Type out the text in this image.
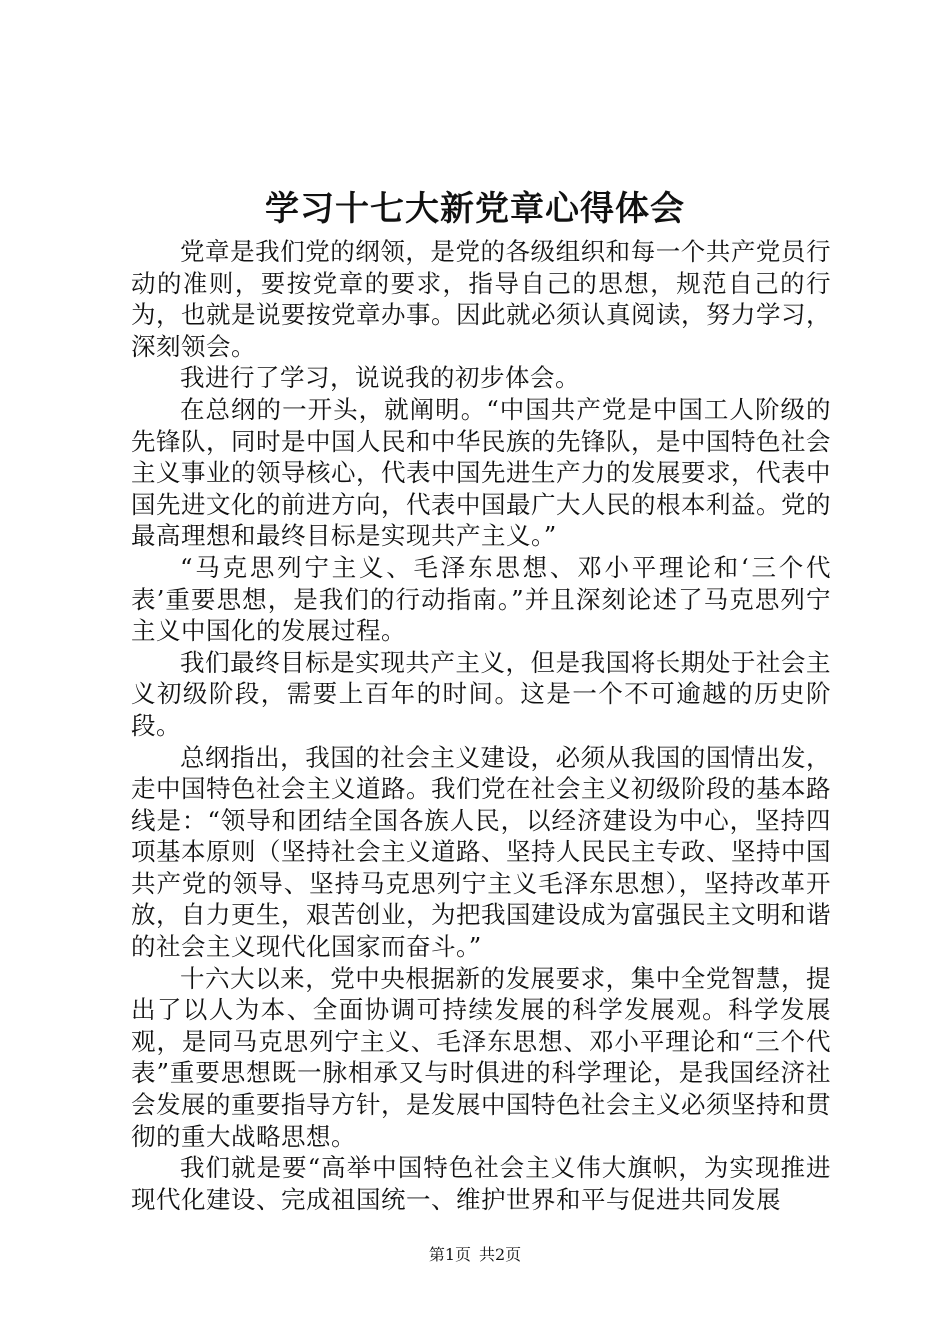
学习十七大新党章心得体会

党章是我们党的纲领，是党的各级组织和每一个共产党员行动的准则，要按党章的要求，指导自己的思想，规范自己的行为，也就是说要按党章办事。因此就必须认真阅读，努力学习，深刻领会。

我进行了学习，说说我的初步体会。

在总纲的一开头，就阐明。“中国共产党是中国工人阶级的先锋队，同时是中国人民和中华民族的先锋队，是中国特色社会主义事业的领导核心，代表中国先进生产力的发展要求，代表中国先进文化的前进方向，代表中国最广大人民的根本利益。党的最高理想和最终目标是实现共产主义。”

“马克思列宁主义、毛泽东思想、邓小平理论和‘三个代表’重要思想，是我们的行动指南。”并且深刻论述了马克思列宁主义中国化的发展过程。

我们最终目标是实现共产主义，但是我国将长期处于社会主义初级阶段，需要上百年的时间。这是一个不可逾越的历史阶段。

总纲指出，我国的社会主义建设，必须从我国的国情出发，走中国特色社会主义道路。我们党在社会主义初级阶段的基本路线是：“领导和团结全国各族人民，以经济建设为中心，坚持四项基本原则（坚持社会主义道路、坚持人民民主专政、坚持中国共产党的领导、坚持马克思列宁主义毛泽东思想），坚持改革开放，自力更生，艰苦创业，为把我国建设成为富强民主文明和谐的社会主义现代化国家而奋斗。”

十六大以来，党中央根据新的发展要求，集中全党智慧，提出了以人为本、全面协调可持续发展的科学发展观。科学发展观，是同马克思列宁主义、毛泽东思想、邓小平理论和“三个代表”重要思想既一脉相承又与时俱进的科学理论，是我国经济社会发展的重要指导方针，是发展中国特色社会主义必须坚持和贯彻的重大战略思想。

我们就是要“高举中国特色社会主义伟大旗帜，为实现推进现代化建设、完成祖国统一、维护世界和平与促进共同发展

第1页 共2页
